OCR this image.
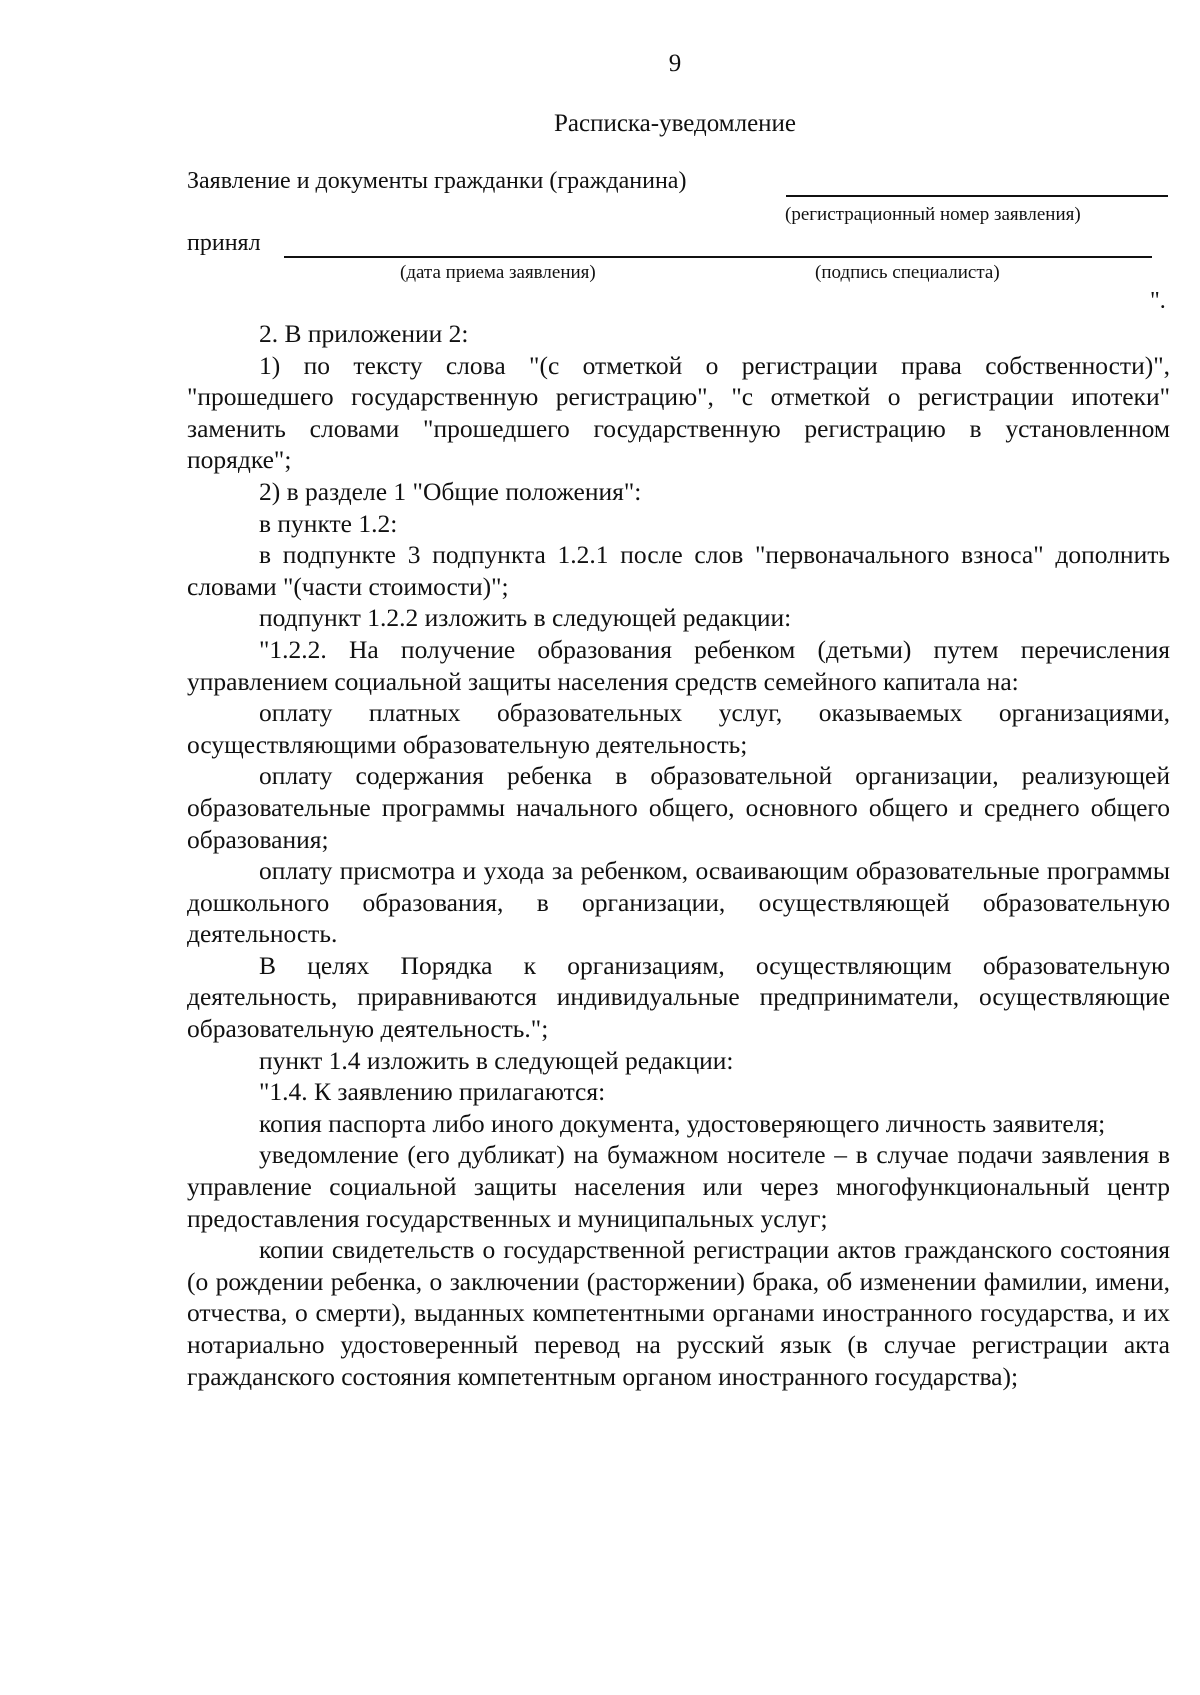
9
Расписка-уведомление
Заявление и документы гражданки (гражданина)
(регистрационный номер заявления)
принял
(дата приема заявления)	(подпись специалиста)
".
2. В приложении 2:
1) по тексту слова "(с отметкой о регистрации права собственности)", "прошедшего государственную регистрацию", "с отметкой о регистрации ипотеки" заменить словами "прошедшего государственную регистрацию в установленном порядке";
2) в разделе 1 "Общие положения":
в пункте 1.2:
в подпункте 3 подпункта 1.2.1 после слов "первоначального взноса" дополнить словами "(части стоимости)";
подпункт 1.2.2 изложить в следующей редакции:
"1.2.2. На получение образования ребенком (детьми) путем перечисления управлением социальной защиты населения средств семейного капитала на:
оплату платных образовательных услуг, оказываемых организациями, осуществляющими образовательную деятельность;
оплату содержания ребенка в образовательной организации, реализующей образовательные программы начального общего, основного общего и среднего общего образования;
оплату присмотра и ухода за ребенком, осваивающим образовательные программы дошкольного образования, в организации, осуществляющей образовательную деятельность.
В целях Порядка к организациям, осуществляющим образовательную деятельность, приравниваются индивидуальные предприниматели, осуществляющие образовательную деятельность.";
пункт 1.4 изложить в следующей редакции:
"1.4. К заявлению прилагаются:
копия паспорта либо иного документа, удостоверяющего личность заявителя;
уведомление (его дубликат) на бумажном носителе – в случае подачи заявления в управление социальной защиты населения или через многофункциональный центр предоставления государственных и муниципальных услуг;
копии свидетельств о государственной регистрации актов гражданского состояния (о рождении ребенка, о заключении (расторжении) брака, об изменении фамилии, имени, отчества, о смерти), выданных компетентными органами иностранного государства, и их нотариально удостоверенный перевод на русский язык (в случае регистрации акта гражданского состояния компетентным органом иностранного государства);
